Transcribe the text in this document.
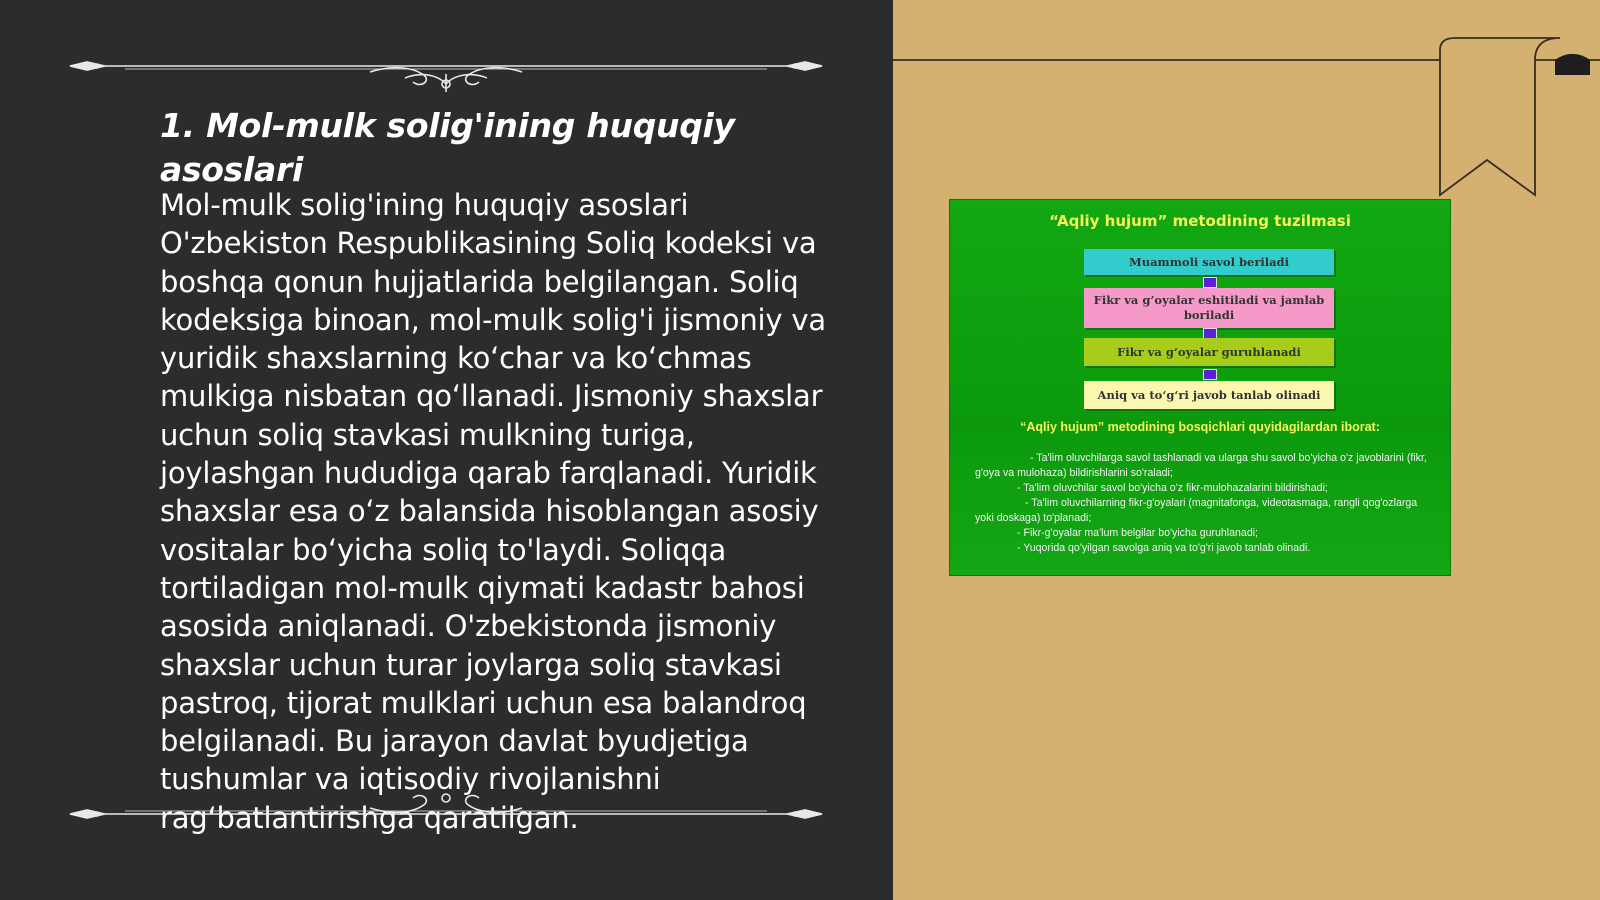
1. Mol-mulk solig'ining huquqiy asoslari

Mol-mulk solig'ining huquqiy asoslari O'zbekiston Respublikasining Soliq kodeksi va boshqa qonun hujjatlarida belgilangan. Soliq kodeksiga binoan, mol-mulk solig'i jismoniy va yuridik shaxslarning koʻchar va koʻchmas mulkiga nisbatan qoʻllanadi. Jismoniy shaxslar uchun soliq stavkasi mulkning turiga, joylashgan hududiga qarab farqlanadi. Yuridik shaxslar esa oʻz balansida hisoblangan asosiy vositalar boʻyicha soliq to'laydi. Soliqqa tortiladigan mol-mulk qiymati kadastr bahosi asosida aniqlanadi. O'zbekistonda jismoniy shaxslar uchun turar joylarga soliq stavkasi pastroq, tijorat mulklari uchun esa balandroq belgilanadi. Bu jarayon davlat byudjetiga tushumlar va iqtisodiy rivojlanishni ragʻbatlantirishga qaratilgan.

“Aqliy hujum” metodining tuzilmasi
Muammoli savol beriladi
Fikr va g’oyalar eshitiladi va jamlab boriladi
Fikr va g’oyalar guruhlanadi
Aniq va to‘g‘ri javob tanlab olinadi
“Aqliy hujum” metodining bosqichlari quyidagilardan iborat:
- Ta'lim oluvchilarga savol tashlanadi va ularga shu savol bo'yicha o'z javoblarini (fikr, g'oya va mulohaza) bildirishlarini so'raladi;
- Ta'lim oluvchilar savol bo'yicha o'z fikr-mulohazalarini bildirishadi;
- Ta'lim oluvchilarning fikr-g'oyalari (magnitafonga, videotasmaga, rangli qog'ozlarga yoki doskaga) to'planadi;
- Fikr-g'oyalar ma'lum belgilar bo'yicha guruhlanadi;
- Yuqorida qo'yilgan savolga aniq va to'g'ri javob tanlab olinadi.
